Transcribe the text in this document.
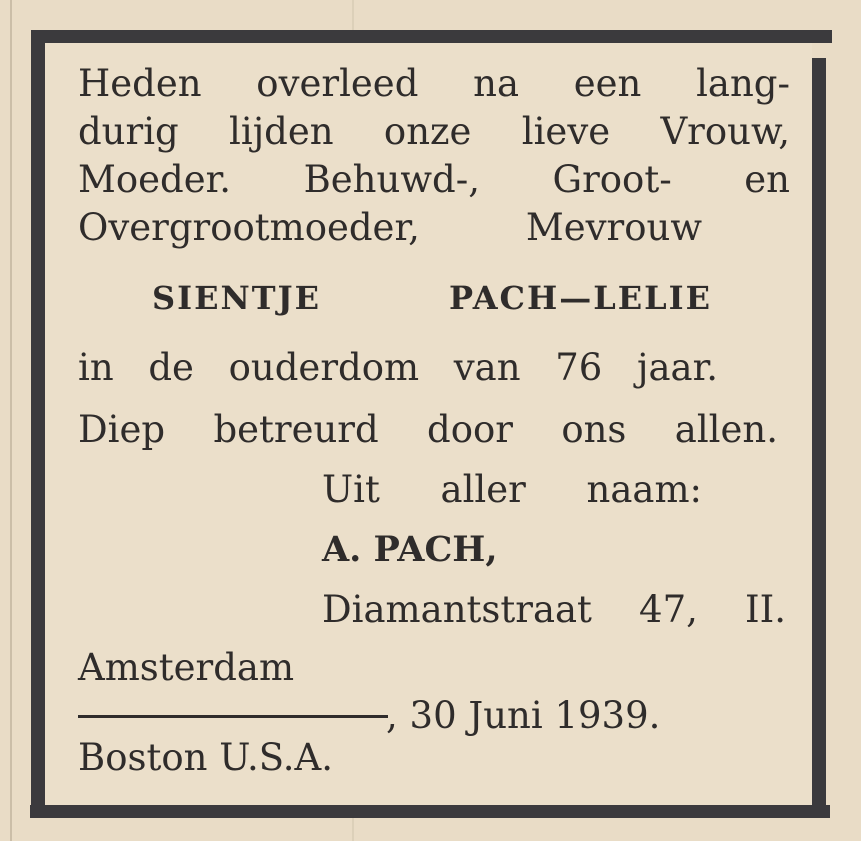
Heden overleed na een lang-
durig lijden onze lieve Vrouw,
Moeder. Behuwd-, Groot- en
Overgrootmoeder, Mevrouw
SIENTJE PACH—LELIE
in de ouderdom van 76 jaar.
Diep betreurd door ons allen.
Uit aller naam:
A. PACH,
Diamantstraat 47, II.
Amsterdam
, 30 Juni 1939.
Boston U.S.A.
